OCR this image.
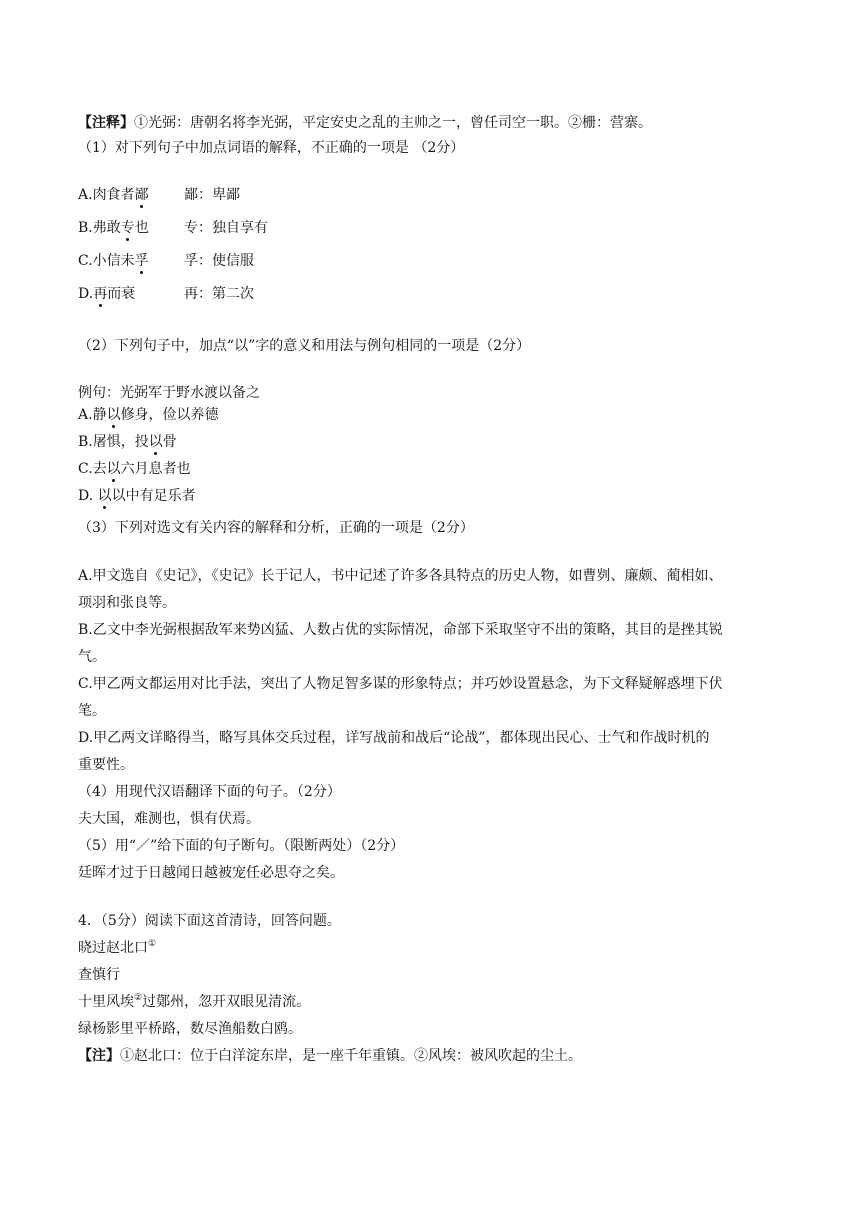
【注释】①光弼：唐朝名将李光弼，平定安史之乱的主帅之一，曾任司空一职。②栅：营寨。
（1）对下列句子中加点词语的解释，不正确的一项是 （2分）
A.肉食者鄙	鄙：卑鄙
B.弗敢专也	专：独自享有
C.小信未孚	孚：使信服
D.再而衰	再：第二次
（2）下列句子中，加点“以”字的意义和用法与例句相同的一项是（2分）
例句：光弼军于野水渡以备之
A.静以修身，俭以养德
B.屠惧，投以骨
C.去以六月息者也
D. 以以中有足乐者
（3）下列对选文有关内容的解释和分析，正确的一项是（2分）
A.甲文选自《史记》，《史记》长于记人，书中记述了许多各具特点的历史人物，如曹刿、廉颇、蔺相如、
项羽和张良等。
B.乙文中李光弼根据敌军来势凶猛、人数占优的实际情况，命部下采取坚守不出的策略，其目的是挫其锐
气。
C.甲乙两文都运用对比手法，突出了人物足智多谋的形象特点；并巧妙设置悬念，为下文释疑解惑埋下伏
笔。
D.甲乙两文详略得当，略写具体交兵过程，详写战前和战后“论战”，都体现出民心、士气和作战时机的
重要性。
（4）用现代汉语翻译下面的句子。（2分）
夫大国，难测也，惧有伏焉。
（5）用“／”给下面的句子断句。（限断两处）（2分）
廷晖才过于日越闻日越被宠任必思夺之矣。
4．（5分）阅读下面这首清诗，回答问题。
晓过赵北口①
查慎行
十里风埃②过鄚州，忽开双眼见清流。
绿杨影里平桥路，数尽渔船数白鸥。
【注】①赵北口：位于白洋淀东岸，是一座千年重镇。②风埃：被风吹起的尘土。
